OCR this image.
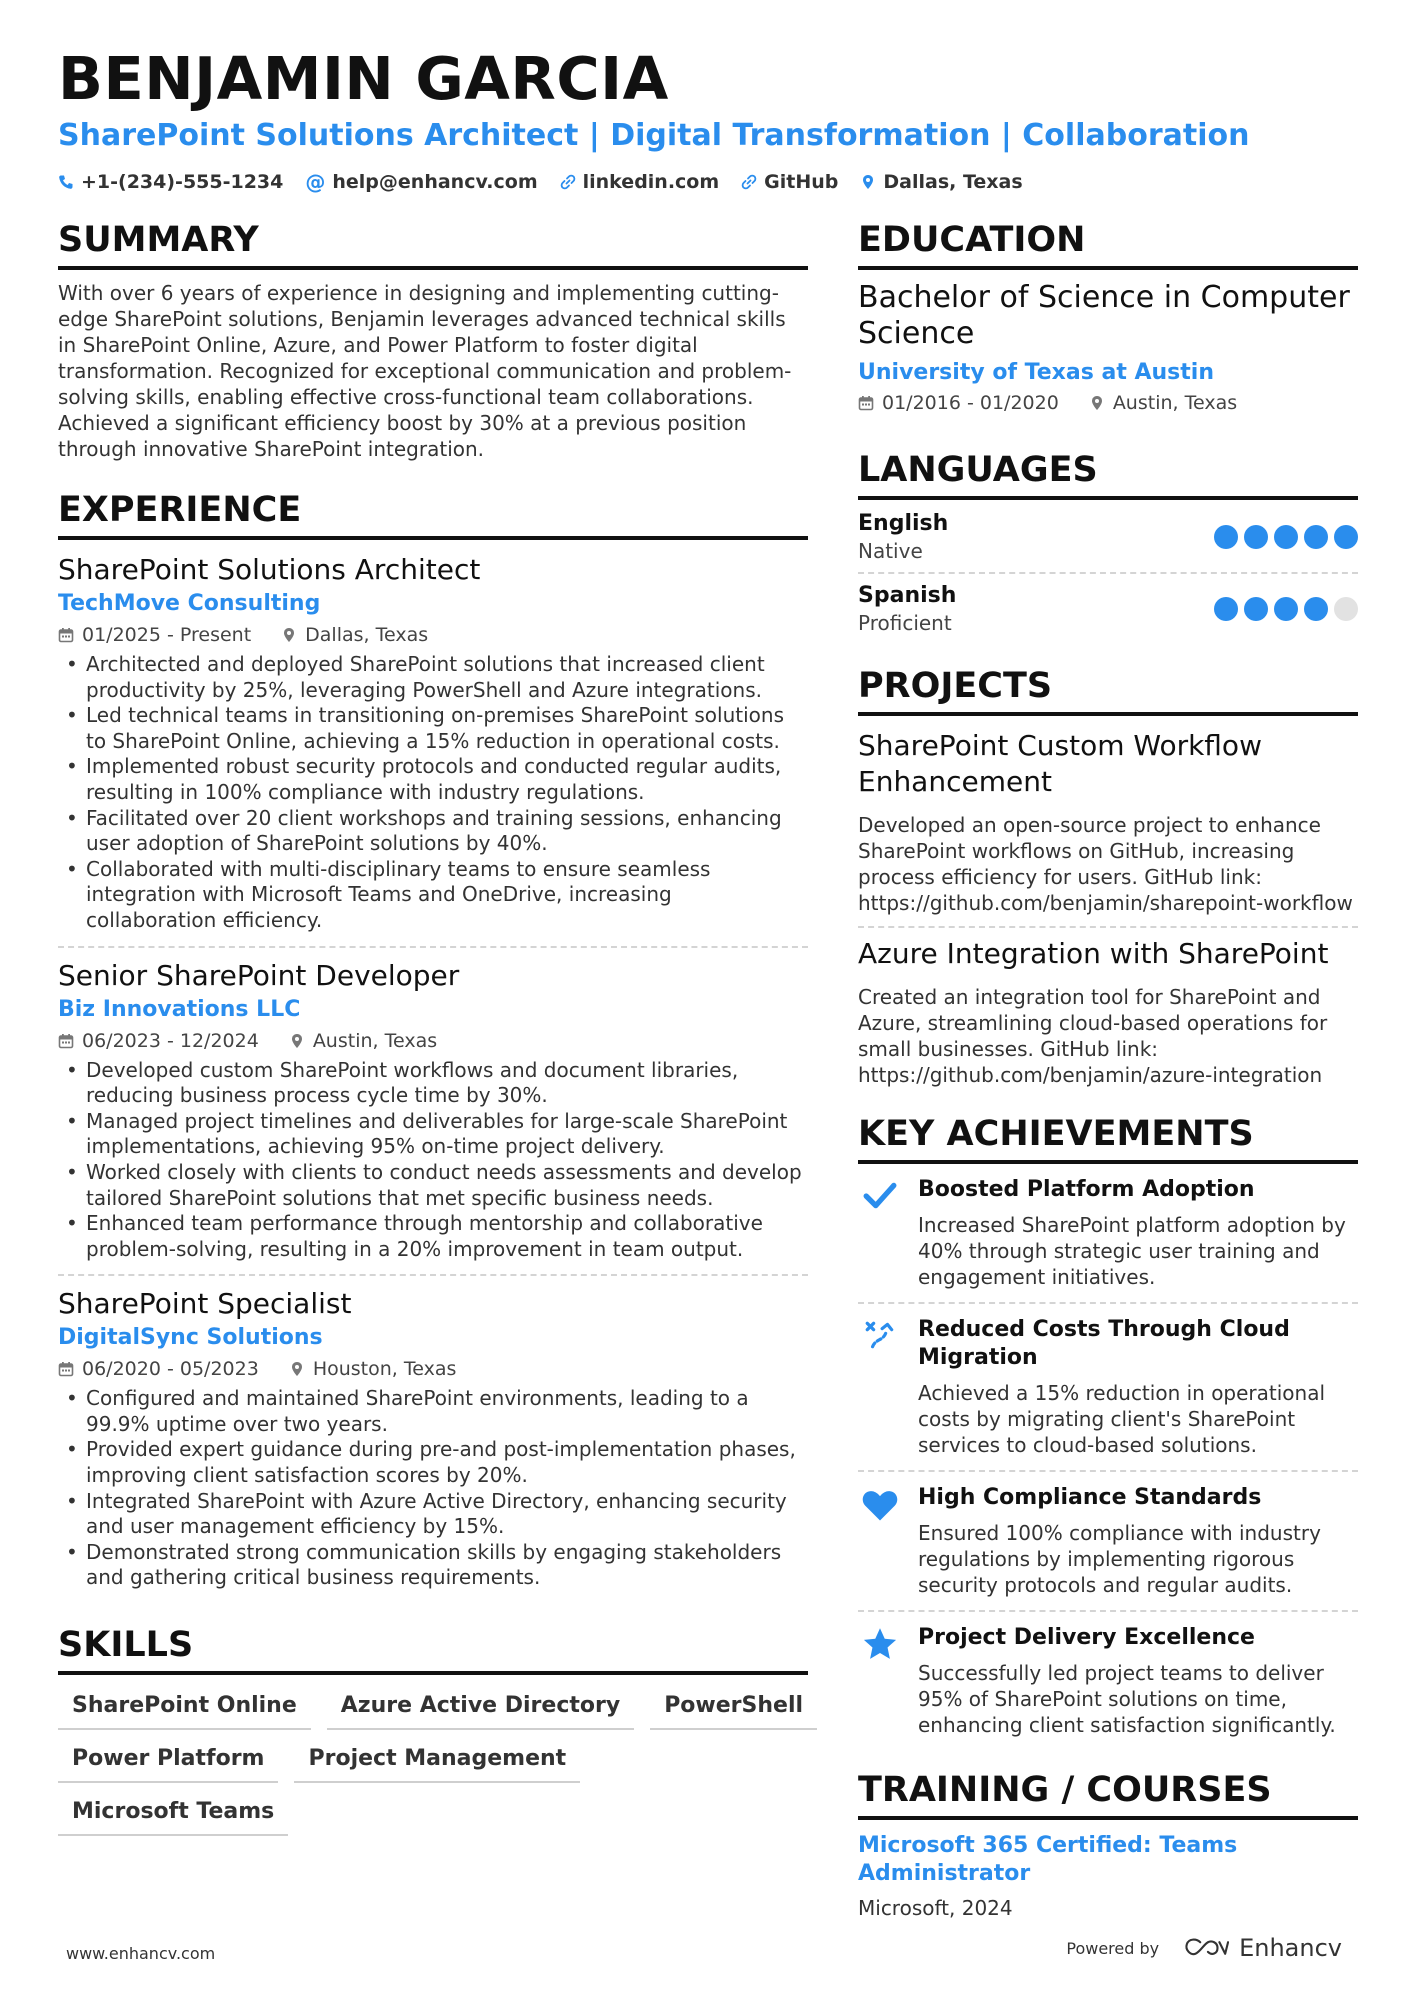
BENJAMIN GARCIA
SharePoint Solutions Architect | Digital Transformation | Collaboration
+1-(234)-555-1234 @ help@enhancv.com linkedin.com GitHub Dallas, Texas
SUMMARY
With over 6 years of experience in designing and implementing cutting-edge SharePoint solutions, Benjamin leverages advanced technical skills in SharePoint Online, Azure, and Power Platform to foster digital transformation. Recognized for exceptional communication and problem-solving skills, enabling effective cross-functional team collaborations. Achieved a significant efficiency boost by 30% at a previous position through innovative SharePoint integration.
EXPERIENCE
SharePoint Solutions Architect
TechMove Consulting
01/2025 - Present	Dallas, Texas
• Architected and deployed SharePoint solutions that increased client productivity by 25%, leveraging PowerShell and Azure integrations.
• Led technical teams in transitioning on-premises SharePoint solutions to SharePoint Online, achieving a 15% reduction in operational costs.
• Implemented robust security protocols and conducted regular audits, resulting in 100% compliance with industry regulations.
• Facilitated over 20 client workshops and training sessions, enhancing user adoption of SharePoint solutions by 40%.
• Collaborated with multi-disciplinary teams to ensure seamless integration with Microsoft Teams and OneDrive, increasing collaboration efficiency.
Senior SharePoint Developer
Biz Innovations LLC
06/2023 - 12/2024	Austin, Texas
• Developed custom SharePoint workflows and document libraries, reducing business process cycle time by 30%.
• Managed project timelines and deliverables for large-scale SharePoint implementations, achieving 95% on-time project delivery.
• Worked closely with clients to conduct needs assessments and develop tailored SharePoint solutions that met specific business needs.
• Enhanced team performance through mentorship and collaborative problem-solving, resulting in a 20% improvement in team output.
SharePoint Specialist
DigitalSync Solutions
06/2020 - 05/2023	Houston, Texas
• Configured and maintained SharePoint environments, leading to a 99.9% uptime over two years.
• Provided expert guidance during pre-and post-implementation phases, improving client satisfaction scores by 20%.
• Integrated SharePoint with Azure Active Directory, enhancing security and user management efficiency by 15%.
• Demonstrated strong communication skills by engaging stakeholders and gathering critical business requirements.
SKILLS
SharePoint Online	Azure Active Directory	PowerShell
Power Platform	Project Management
Microsoft Teams
EDUCATION
Bachelor of Science in Computer Science
University of Texas at Austin
01/2016 - 01/2020	Austin, Texas
LANGUAGES
English
Native
Spanish
Proficient
PROJECTS
SharePoint Custom Workflow Enhancement
Developed an open-source project to enhance SharePoint workflows on GitHub, increasing process efficiency for users. GitHub link: https://github.com/benjamin/sharepoint-workflow
Azure Integration with SharePoint
Created an integration tool for SharePoint and Azure, streamlining cloud-based operations for small businesses. GitHub link: https://github.com/benjamin/azure-integration
KEY ACHIEVEMENTS
Boosted Platform Adoption
Increased SharePoint platform adoption by 40% through strategic user training and engagement initiatives.
Reduced Costs Through Cloud Migration
Achieved a 15% reduction in operational costs by migrating client's SharePoint services to cloud-based solutions.
High Compliance Standards
Ensured 100% compliance with industry regulations by implementing rigorous security protocols and regular audits.
Project Delivery Excellence
Successfully led project teams to deliver 95% of SharePoint solutions on time, enhancing client satisfaction significantly.
TRAINING / COURSES
Microsoft 365 Certified: Teams Administrator
Microsoft, 2024
www.enhancv.com	Powered by	Enhancv
